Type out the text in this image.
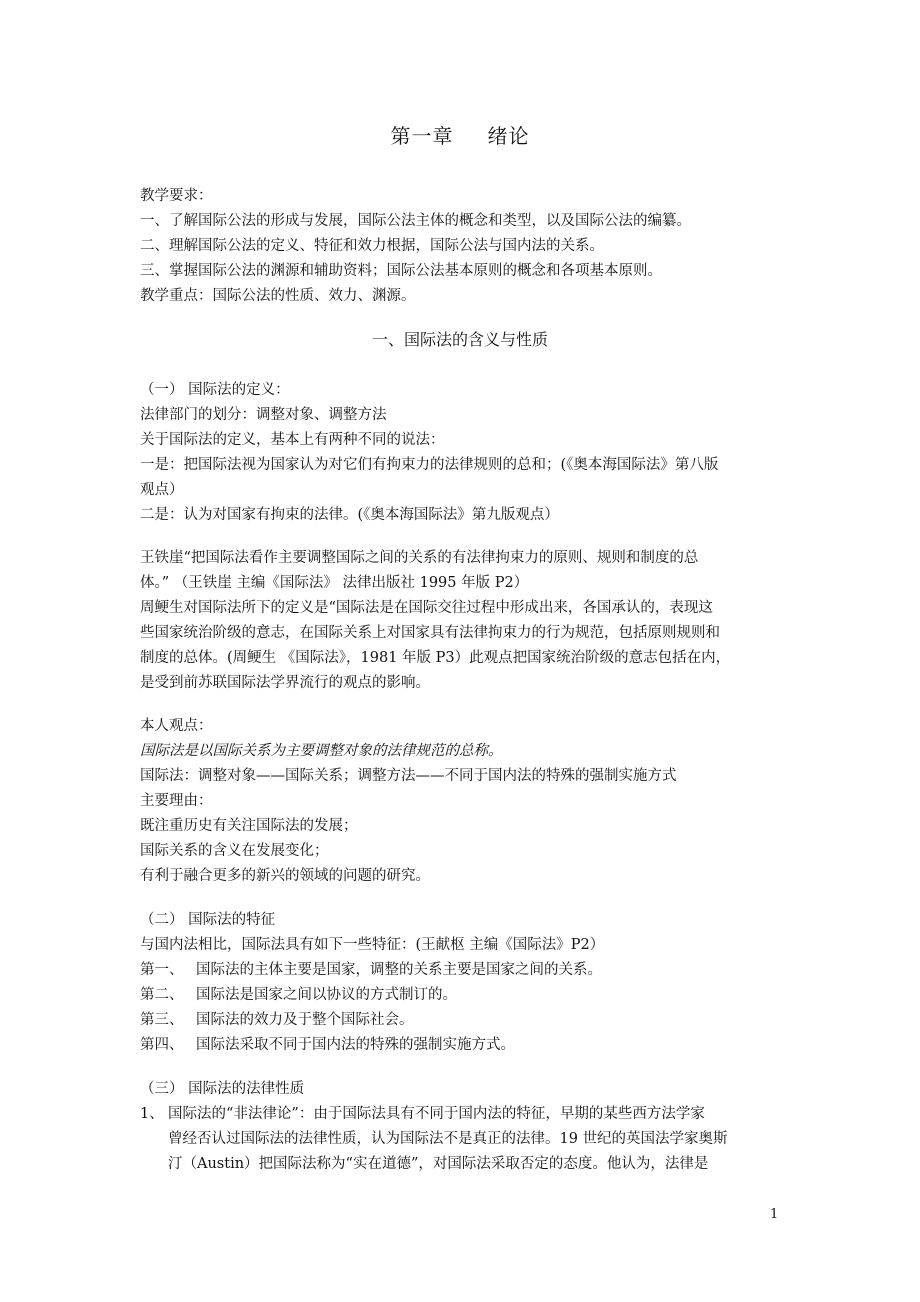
第一章 绪论
教学要求：
一、了解国际公法的形成与发展，国际公法主体的概念和类型，以及国际公法的编纂。
二、理解国际公法的定义、特征和效力根据，国际公法与国内法的关系。
三、掌握国际公法的渊源和辅助资料；国际公法基本原则的概念和各项基本原则。
教学重点：国际公法的性质、效力、渊源。
一、国际法的含义与性质
（一） 国际法的定义：
法律部门的划分：调整对象、调整方法
关于国际法的定义，基本上有两种不同的说法：
一是：把国际法视为国家认为对它们有拘束力的法律规则的总和；(《奥本海国际法》第八版
观点）
二是：认为对国家有拘束的法律。(《奥本海国际法》第九版观点）
王铁崖“把国际法看作主要调整国际之间的关系的有法律拘束力的原则、规则和制度的总
体。” （王铁崖 主编《国际法》 法律出版社 1995 年版 P2）
周鲠生对国际法所下的定义是“国际法是在国际交往过程中形成出来，各国承认的，表现这
些国家统治阶级的意志，在国际关系上对国家具有法律拘束力的行为规范，包括原则规则和
制度的总体。(周鲠生 《国际法》，1981 年版 P3）此观点把国家统治阶级的意志包括在内，
是受到前苏联国际法学界流行的观点的影响。
本人观点：
国际法是以国际关系为主要调整对象的法律规范的总称。
国际法：调整对象——国际关系；调整方法——不同于国内法的特殊的强制实施方式
主要理由：
既注重历史有关注国际法的发展；
国际关系的含义在发展变化；
有利于融合更多的新兴的领域的问题的研究。
（二） 国际法的特征
与国内法相比，国际法具有如下一些特征：(王献枢 主编《国际法》P2）
第一、 国际法的主体主要是国家，调整的关系主要是国家之间的关系。
第二、 国际法是国家之间以协议的方式制订的。
第三、 国际法的效力及于整个国际社会。
第四、 国际法采取不同于国内法的特殊的强制实施方式。
（三） 国际法的法律性质
1、 国际法的“非法律论”：由于国际法具有不同于国内法的特征，早期的某些西方法学家
曾经否认过国际法的法律性质，认为国际法不是真正的法律。19 世纪的英国法学家奥斯
汀（Austin）把国际法称为“实在道德”，对国际法采取否定的态度。他认为，法律是
1
